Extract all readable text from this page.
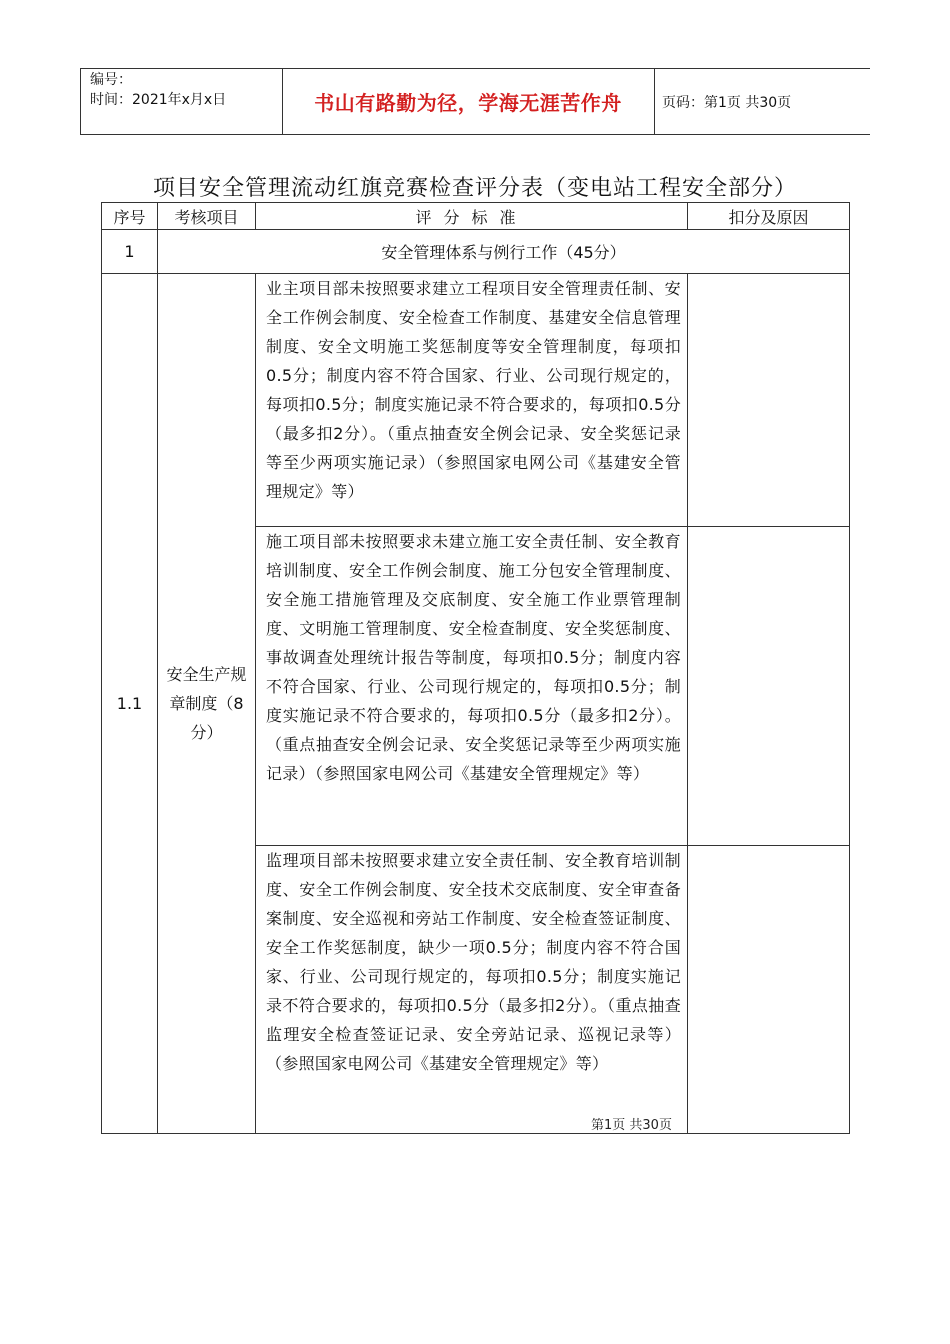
编号：
时间：2021年x月x日	书山有路勤为径，学海无涯苦作舟	页码：第1页 共30页
项目安全管理流动红旗竞赛检查评分表（变电站工程安全部分）
序号	考核项目	评分标准	扣分及原因
1	安全管理体系与例行工作（45分）		
1.1	安全生产规章制度（8分）	业主项目部未按照要求建立工程项目安全管理责任制、安全工作例会制度、安全检查工作制度、基建安全信息管理制度、安全文明施工奖惩制度等安全管理制度，每项扣0.5分；制度内容不符合国家、行业、公司现行规定的，每项扣0.5分；制度实施记录不符合要求的，每项扣0.5分（最多扣2分）。（重点抽查安全例会记录、安全奖惩记录等至少两项实施记录）（参照国家电网公司《基建安全管理规定》等）	
		施工项目部未按照要求未建立施工安全责任制、安全教育培训制度、安全工作例会制度、施工分包安全管理制度、安全施工措施管理及交底制度、安全施工作业票管理制度、文明施工管理制度、安全检查制度、安全奖惩制度、事故调查处理统计报告等制度，每项扣0.5分；制度内容不符合国家、行业、公司现行规定的，每项扣0.5分；制度实施记录不符合要求的，每项扣0.5分（最多扣2分）。（重点抽查安全例会记录、安全奖惩记录等至少两项实施记录）（参照国家电网公司《基建安全管理规定》等）	
		监理项目部未按照要求建立安全责任制、安全教育培训制度、安全工作例会制度、安全技术交底制度、安全审查备案制度、安全巡视和旁站工作制度、安全检查签证制度、安全工作奖惩制度，缺少一项0.5分；制度内容不符合国家、行业、公司现行规定的，每项扣0.5分；制度实施记录不符合要求的，每项扣0.5分（最多扣2分）。（重点抽查监理安全检查签证记录、安全旁站记录、巡视记录等）（参照国家电网公司《基建安全管理规定》等）	
第1页 共30页
